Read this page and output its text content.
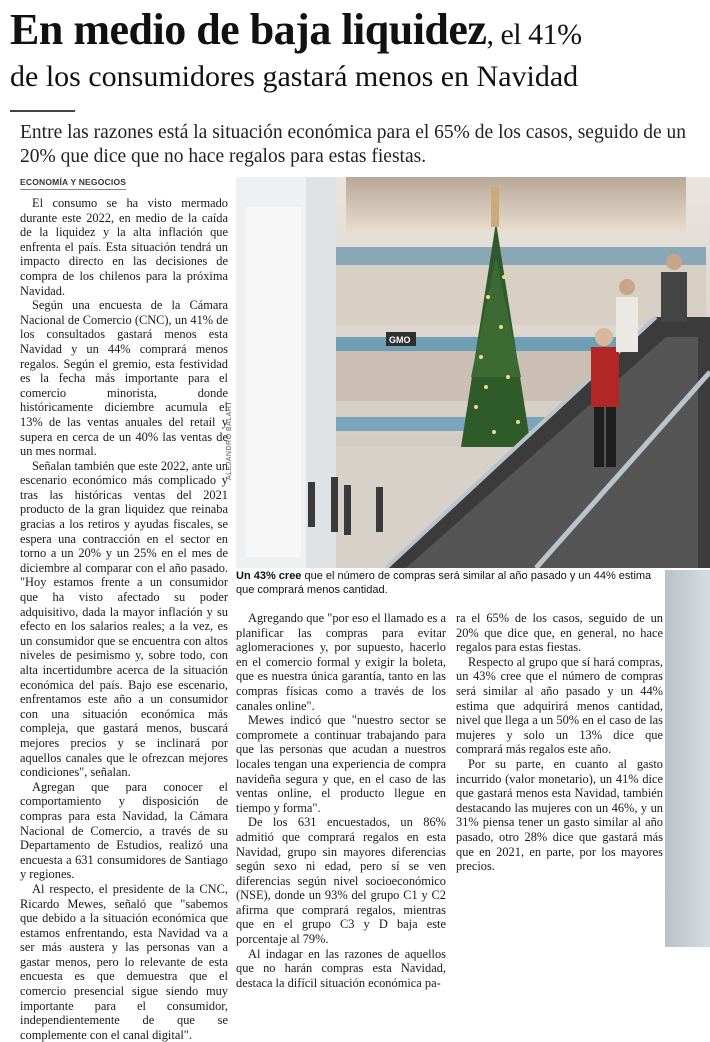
En medio de baja liquidez, el 41%
de los consumidores gastará menos en Navidad
Entre las razones está la situación económica para el 65% de los casos, seguido de un 20% que dice que no hace regalos para estas fiestas.
ECONOMÍA Y NEGOCIOS

El consumo se ha visto mermado durante este 2022, en medio de la caída de la liquidez y la alta inflación que enfrenta el país. Esta situación tendrá un impacto directo en las decisiones de compra de los chilenos para la próxima Navidad.

Según una encuesta de la Cámara Nacional de Comercio (CNC), un 41% de los consultados gastará menos esta Navidad y un 44% comprará menos regalos. Según el gremio, esta festividad es la fecha más importante para el comercio minorista, donde históricamente diciembre acumula el 13% de las ventas anuales del retail y supera en cerca de un 40% las ventas de un mes normal.

Señalan también que este 2022, ante un escenario económico más complicado y tras las históricas ventas del 2021 producto de la gran liquidez que reinaba gracias a los retiros y ayudas fiscales, se espera una contracción en el sector en torno a un 20% y un 25% en el mes de diciembre al comparar con el año pasado. "Hoy estamos frente a un consumidor que ha visto afectado su poder adquisitivo, dada la mayor inflación y su efecto en los salarios reales; a la vez, es un consumidor que se encuentra con altos niveles de pesimismo y, sobre todo, con alta incertidumbre acerca de la situación económica del país. Bajo ese escenario, enfrentamos este año a un consumidor con una situación económica más compleja, que gastará menos, buscará mejores precios y se inclinará por aquellos canales que le ofrezcan mejores condiciones", señalan.

Agregan que para conocer el comportamiento y disposición de compras para esta Navidad, la Cámara Nacional de Comercio, a través de su Departamento de Estudios, realizó una encuesta a 631 consumidores de Santiago y regiones.

Al respecto, el presidente de la CNC, Ricardo Mewes, señaló que "sabemos que debido a la situación económica que estamos enfrentando, esta Navidad va a ser más austera y las personas van a gastar menos, pero lo relevante de esta encuesta es que demuestra que el comercio presencial sigue siendo muy importante para el consumidor, independientemente de que se complemente con el canal digital".

GMO
ALEJANDRO BALART
Un 43% cree que el número de compras será similar al año pasado y un 44% estima que comprará menos cantidad.

Agregando que "por eso el llamado es a planificar las compras para evitar aglomeraciones y, por supuesto, hacerlo en el comercio formal y exigir la boleta, que es nuestra única garantía, tanto en las compras físicas como a través de los canales online".

Mewes indicó que "nuestro sector se compromete a continuar trabajando para que las personas que acudan a nuestros locales tengan una experiencia de compra navideña segura y que, en el caso de las ventas online, el producto llegue en tiempo y forma".

De los 631 encuestados, un 86% admitió que comprará regalos en esta Navidad, grupo sin mayores diferencias según sexo ni edad, pero sí se ven diferencias según nivel socioeconómico (NSE), donde un 93% del grupo C1 y C2 afirma que comprará regalos, mientras que en el grupo C3 y D baja este porcentaje al 79%.

Al indagar en las razones de aquellos que no harán compras esta Navidad, destaca la difícil situación económica pa-

ra el 65% de los casos, seguido de un 20% que dice que, en general, no hace regalos para estas fiestas.

Respecto al grupo que sí hará compras, un 43% cree que el número de compras será similar al año pasado y un 44% estima que adquirirá menos cantidad, nivel que llega a un 50% en el caso de las mujeres y solo un 13% dice que comprará más regalos este año.

Por su parte, en cuanto al gasto incurrido (valor monetario), un 41% dice que gastará menos esta Navidad, también destacando las mujeres con un 46%, y un 31% piensa tener un gasto similar al año pasado, otro 28% dice que gastará más que en 2021, en parte, por los mayores precios.
